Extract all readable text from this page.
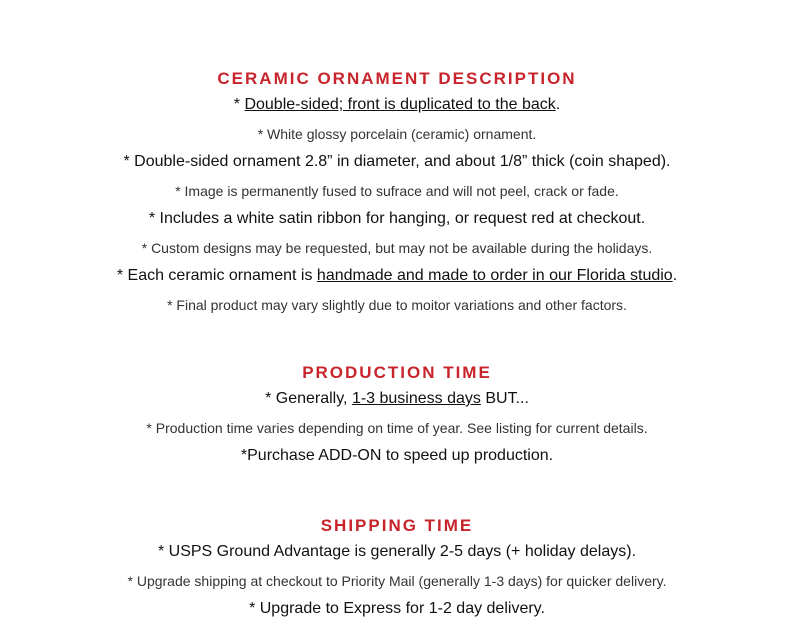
CERAMIC ORNAMENT DESCRIPTION
* Double-sided; front is duplicated to the back.
* White glossy porcelain (ceramic) ornament.
* Double-sided ornament 2.8” in diameter, and about 1/8” thick (coin shaped).
* Image is permanently fused to sufrace and will not peel, crack or fade.
* Includes a white satin ribbon for hanging, or request red at checkout.
* Custom designs may be requested, but may not be available during the holidays.
* Each ceramic ornament is handmade and made to order in our Florida studio.
* Final product may vary slightly due to moitor variations and other factors.
PRODUCTION TIME
* Generally, 1-3 business days BUT...
* Production time varies depending on time of year. See listing for current details.
*Purchase ADD-ON to speed up production.
SHIPPING TIME
* USPS Ground Advantage is generally 2-5 days (+ holiday delays).
* Upgrade shipping at checkout to Priority Mail (generally 1-3 days) for quicker delivery.
* Upgrade to Express for 1-2 day delivery.
